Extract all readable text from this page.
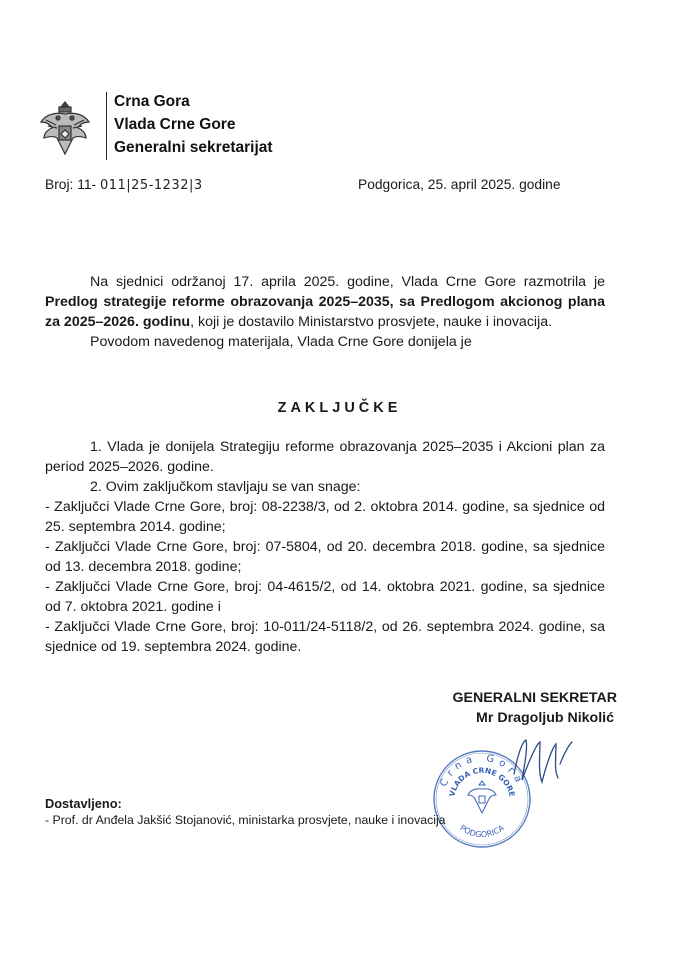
Crna Gora
Vlada Crne Gore
Generalni sekretarijat
Broj: 11- 011|25-1232|3	Podgorica, 25. april 2025. godine

Na sjednici održanoj 17. aprila 2025. godine, Vlada Crne Gore razmotrila je Predlog strategije reforme obrazovanja 2025–2035, sa Predlogom akcionog plana za 2025–2026. godinu, koji je dostavilo Ministarstvo prosvjete, nauke i inovacija.

Povodom navedenog materijala, Vlada Crne Gore donijela je

ZAKLJUČKE

1. Vlada je donijela Strategiju reforme obrazovanja 2025–2035 i Akcioni plan za period 2025–2026. godine.

2. Ovim zaključkom stavljaju se van snage:

- Zaključci Vlade Crne Gore, broj: 08-2238/3, od 2. oktobra 2014. godine, sa sjednice od 25. septembra 2014. godine;

- Zaključci Vlade Crne Gore, broj: 07-5804, od 20. decembra 2018. godine, sa sjednice od 13. decembra 2018. godine;

- Zaključci Vlade Crne Gore, broj: 04-4615/2, od 14. oktobra 2021. godine, sa sjednice od 7. oktobra 2021. godine i

- Zaključci Vlade Crne Gore, broj: 10-011/24-5118/2, od 26. septembra 2024. godine, sa sjednice od 19. septembra 2024. godine.

GENERALNI SEKRETAR
Mr Dragoljub Nikolić
Crna Gora
VLADA CRNE GORE
PODGORICA
Dostavljeno:
- Prof. dr Anđela Jakšić Stojanović, ministarka prosvjete, nauke i inovacija
